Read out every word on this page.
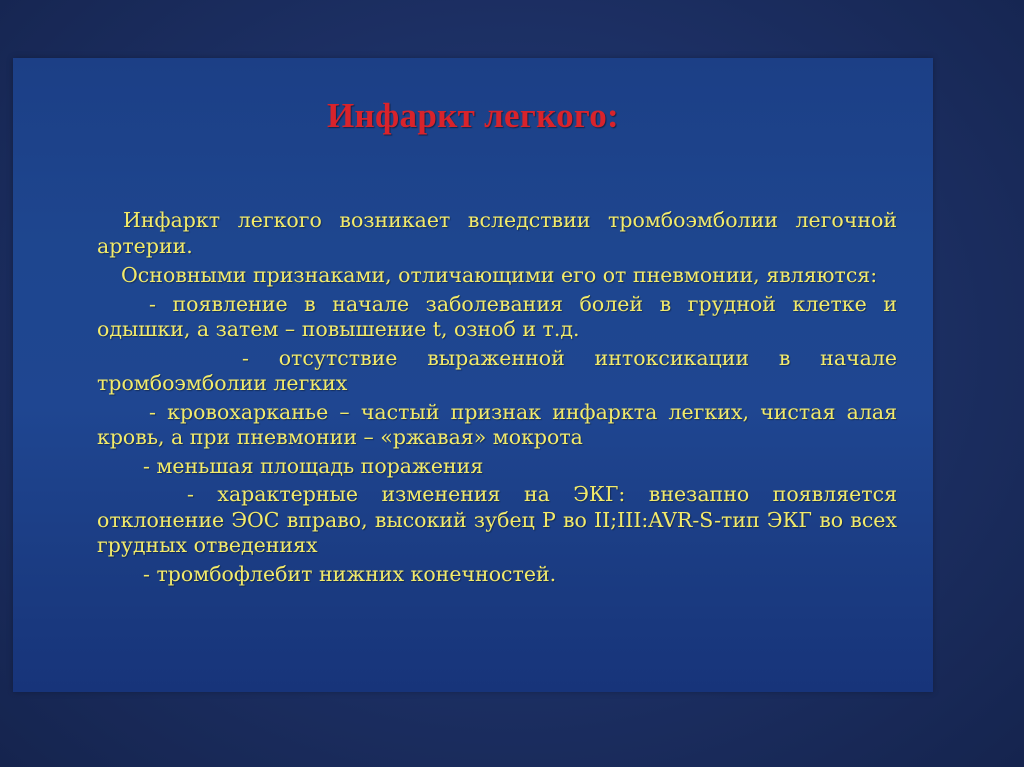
Инфаркт легкого:

Инфаркт легкого возникает вследствии тромбоэмболии легочной артерии.

Основными признаками, отличающими его от пневмонии, являются:

- появление в начале заболевания болей в грудной клетке и одышки, а затем – повышение t, озноб и т.д.

- отсутствие выраженной интоксикации в начале тромбоэмболии легких

- кровохарканье – частый признак инфаркта легких, чистая алая кровь, а при пневмонии – «ржавая» мокрота

- меньшая площадь поражения

- характерные изменения на ЭКГ: внезапно появляется отклонение ЭОС вправо, высокий зубец Р во II;III:AVR-S-тип ЭКГ во всех грудных отведениях

- тромбофлебит нижних конечностей.
